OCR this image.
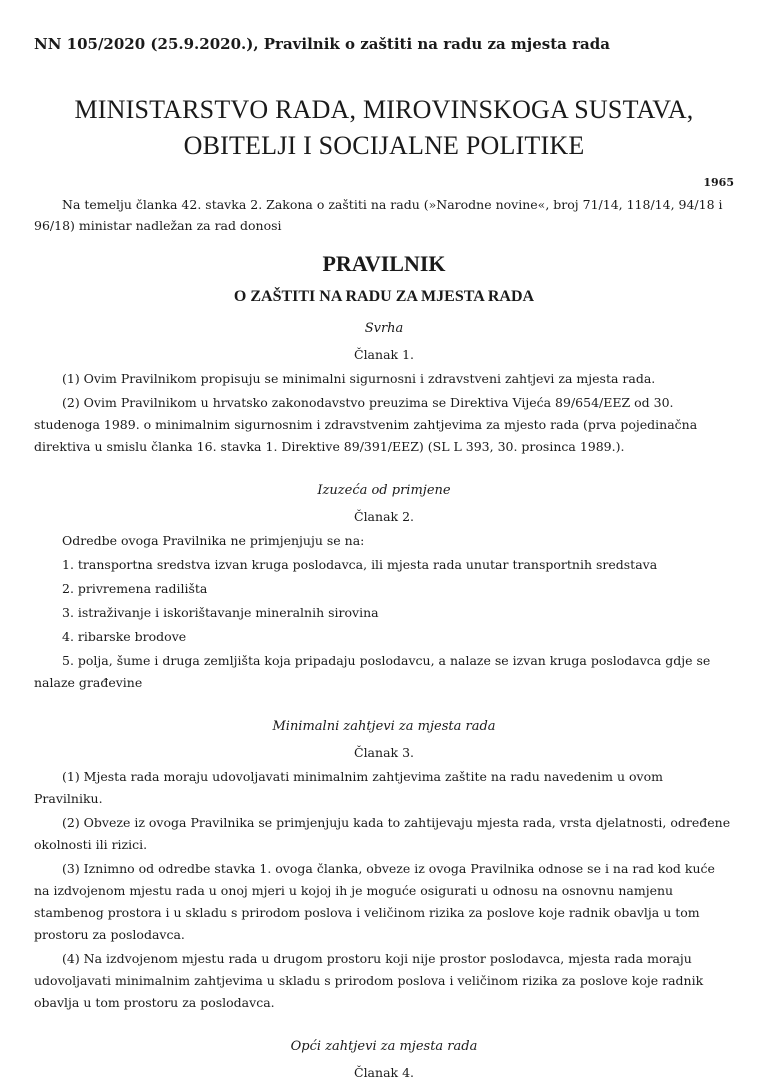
NN 105/2020 (25.9.2020.), Pravilnik o zaštiti na radu za mjesta rada

MINISTARSTVO RADA, MIROVINSKOGA SUSTAVA,
OBITELJI I SOCIJALNE POLITIKE

1965

Na temelju članka 42. stavka 2. Zakona o zaštiti na radu (»Narodne novine«, broj 71/14, 118/14, 94/18 i 96/18) ministar nadležan za rad donosi

PRAVILNIK
O ZAŠTITI NA RADU ZA MJESTA RADA

Svrha

Članak 1.

(1) Ovim Pravilnikom propisuju se minimalni sigurnosni i zdravstveni zahtjevi za mjesta rada.

(2) Ovim Pravilnikom u hrvatsko zakonodavstvo preuzima se Direktiva Vijeća 89/654/EEZ od 30. studenoga 1989. o minimalnim sigurnosnim i zdravstvenim zahtjevima za mjesto rada (prva pojedinačna direktiva u smislu članka 16. stavka 1. Direktive 89/391/EEZ) (SL L 393, 30. prosinca 1989.).

Izuzeća od primjene

Članak 2.

Odredbe ovoga Pravilnika ne primjenjuju se na:

1. transportna sredstva izvan kruga poslodavca, ili mjesta rada unutar transportnih sredstava

2. privremena radilišta

3. istraživanje i iskorištavanje mineralnih sirovina

4. ribarske brodove

5. polja, šume i druga zemljišta koja pripadaju poslodavcu, a nalaze se izvan kruga poslodavca gdje se nalaze građevine

Minimalni zahtjevi za mjesta rada

Članak 3.

(1) Mjesta rada moraju udovoljavati minimalnim zahtjevima zaštite na radu navedenim u ovom Pravilniku.

(2) Obveze iz ovoga Pravilnika se primjenjuju kada to zahtijevaju mjesta rada, vrsta djelatnosti, određene okolnosti ili rizici.

(3) Iznimno od odredbe stavka 1. ovoga članka, obveze iz ovoga Pravilnika odnose se i na rad kod kuće na izdvojenom mjestu rada u onoj mjeri u kojoj ih je moguće osigurati u odnosu na osnovnu namjenu stambenog prostora i u skladu s prirodom poslova i veličinom rizika za poslove koje radnik obavlja u tom prostoru za poslodavca.

(4) Na izdvojenom mjestu rada u drugom prostoru koji nije prostor poslodavca, mjesta rada moraju udovoljavati minimalnim zahtjevima u skladu s prirodom poslova i veličinom rizika za poslove koje radnik obavlja u tom prostoru za poslodavca.

Opći zahtjevi za mjesta rada

Članak 4.
